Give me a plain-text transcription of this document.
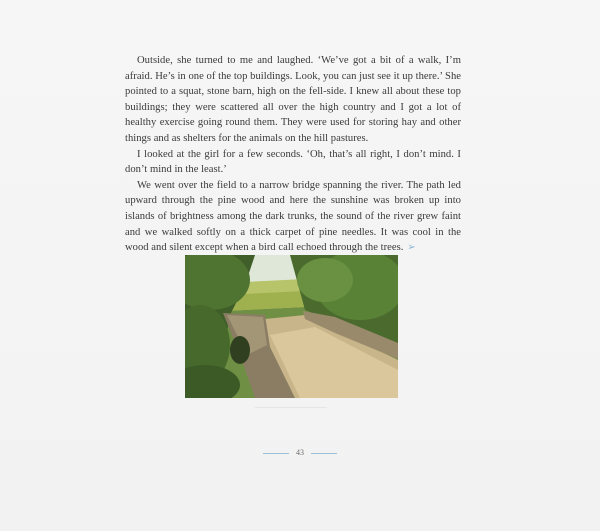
Outside, she turned to me and laughed. ‘We’ve got a bit of a walk, I’m afraid. He’s in one of the top buildings. Look, you can just see it up there.’ She pointed to a squat, stone barn, high on the fell-side. I knew all about these top buildings; they were scattered all over the high country and I got a lot of healthy exercise going round them. They were used for storing hay and other things and as shelters for the animals on the hill pastures.

I looked at the girl for a few seconds. ‘Oh, that’s all right, I don’t mind. I don’t mind in the least.’

We went over the field to a narrow bridge spanning the river. The path led upward through the pine wood and here the sunshine was broken up into islands of brightness among the dark trunks, the sound of the river grew faint and we walked softly on a thick carpet of pine needles. It was cool in the wood and silent except when a bird call echoed through the trees. ➢

43
